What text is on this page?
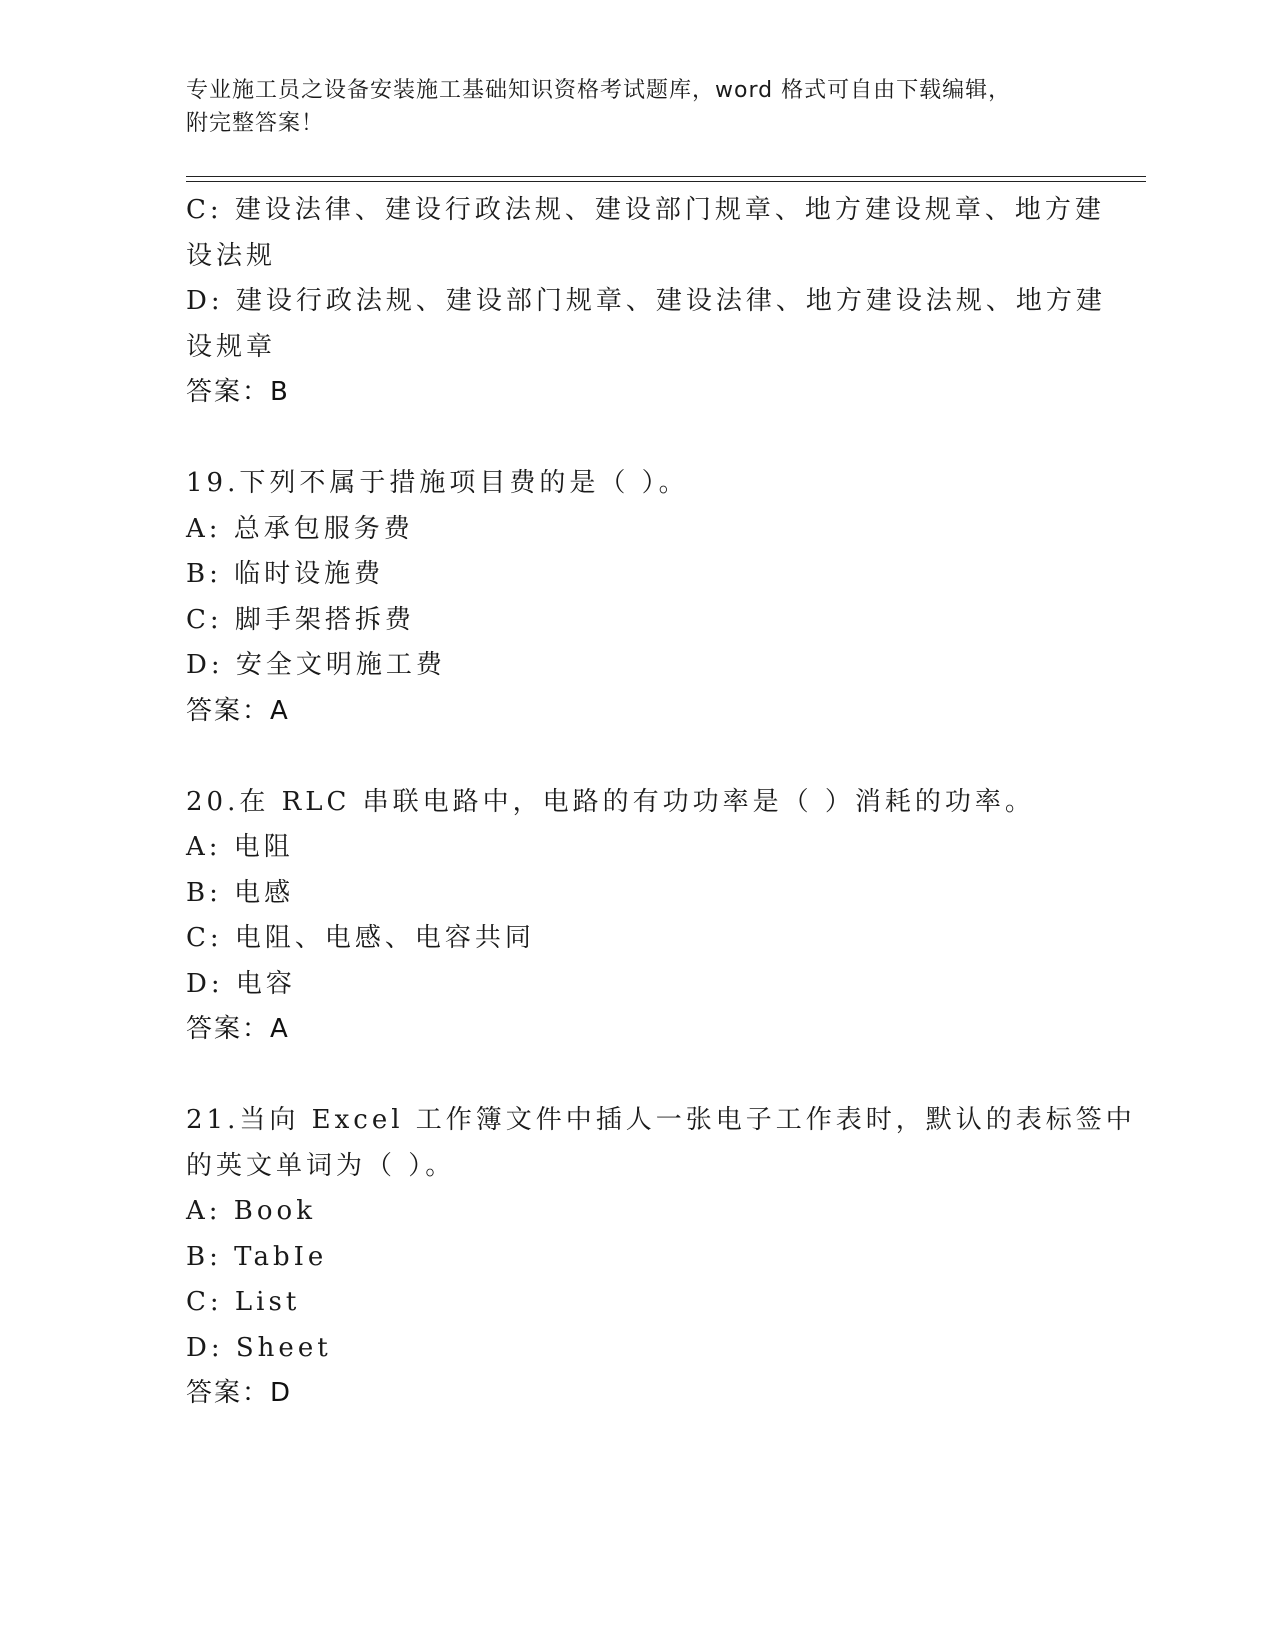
专业施工员之设备安装施工基础知识资格考试题库，word 格式可自由下载编辑，
附完整答案！
C: 建设法律、建设行政法规、建设部门规章、地方建设规章、地方建
设法规
D: 建设行政法规、建设部门规章、建设法律、地方建设法规、地方建
设规章
答案：B
19.下列不属于措施项目费的是（ ）。
A: 总承包服务费
B: 临时设施费
C: 脚手架搭拆费
D: 安全文明施工费
答案：A
20.在 RLC 串联电路中，电路的有功功率是（ ）消耗的功率。
A: 电阻
B: 电感
C: 电阻、电感、电容共同
D: 电容
答案：A
21.当向 Excel 工作簿文件中插人一张电子工作表时，默认的表标签中
的英文单词为（ ）。
A: Book
B: TabIe
C: List
D: Sheet
答案：D
